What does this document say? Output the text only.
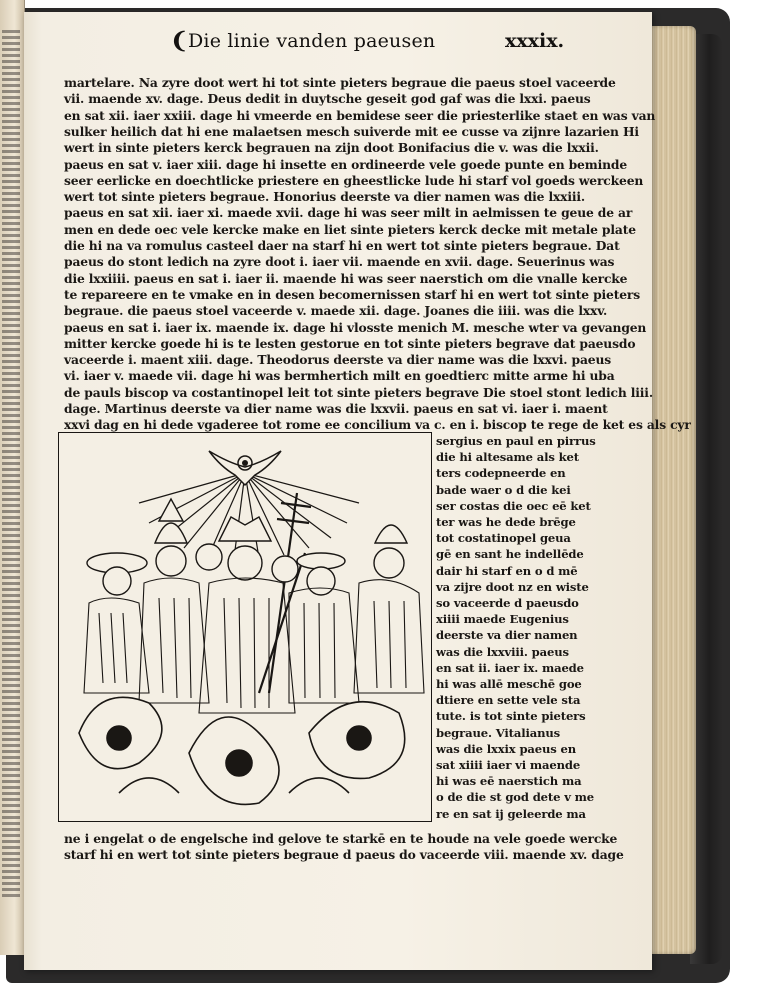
❨ Die linie vanden paeusen	xxxix.
martelare. Na zyre doot wert hi tot sinte pieters begraue die paeus stoel vaceerde
vii. maende xv. dage. Deus dedit in duytsche geseit god gaf was die lxxi. paeus
en sat xii. iaer xxiii. dage hi vmeerde en bemidese seer die priesterlike staet en was van
sulker heilich dat hi ene malaetsen mesch suiverde mit ee cusse va zijnre lazarien Hi
wert in sinte pieters kerck begrauen na zijn doot Bonifacius die v. was die lxxii.
paeus en sat v. iaer xiii. dage hi insette en ordineerde vele goede punte en beminde
seer eerlicke en doechtlicke priestere en gheestlicke lude hi starf vol goeds werckeen
wert tot sinte pieters begraue. Honorius deerste va dier namen was die lxxiii.
paeus en sat xii. iaer xi. maede xvii. dage hi was seer milt in aelmissen te geue de ar
men en dede oec vele kercke make en liet sinte pieters kerck decke mit metale plate
die hi na va romulus casteel daer na starf hi en wert tot sinte pieters begraue. Dat
paeus do stont ledich na zyre doot i. iaer vii. maende en xvii. dage. Seuerinus was
die lxxiiii. paeus en sat i. iaer ii. maende hi was seer naerstich om die vnalle kercke
te repareere en te vmake en in desen becomernissen starf hi en wert tot sinte pieters
begraue. die paeus stoel vaceerde v. maede xii. dage. Joanes die iiii. was die lxxv.
paeus en sat i. iaer ix. maende ix. dage hi vlosste menich M. mesche wter va gevangen
mitter kercke goede hi is te lesten gestorue en tot sinte pieters begrave dat paeusdo
vaceerde i. maent xiii. dage. Theodorus deerste va dier name was die lxxvi. paeus
vi. iaer v. maede vii. dage hi was bermhertich milt en goedtierc mitte arme hi uba
de pauls biscop va costantinopel leit tot sinte pieters begrave Die stoel stont ledich liii.
dage. Martinus deerste va dier name was die lxxvii. paeus en sat vi. iaer i. maent
xxvi dag en hi dede vgaderee tot rome ee concilium va c. en i. biscop te rege de ket es als cyr
sergius en paul en pirrus
die hi altesame als ket
ters codepneerde en
bade waer o d die kei
ser costas die oec eē ket
ter was he dede brēge
tot costatinopel geua
gē en sant he indellēde
dair hi starf en o d mē
va zijre doot nz en wiste
so vaceerde d paeusdo
xiiii maede Eugenius
deerste va dier namen
was die lxxviii. paeus
en sat ii. iaer ix. maede
hi was allē meschē goe
dtiere en sette vele sta
tute. is tot sinte pieters
begraue. Vitalianus
was die lxxix paeus en
sat xiiii iaer vi maende
hi was eē naerstich ma
o de die st god dete v me
re en sat ij geleerde ma
ne i engelat o de engelsche ind gelove te starkē en te houde na vele goede wercke
starf hi en wert tot sinte pieters begraue d paeus do vaceerde viii. maende xv. dage
